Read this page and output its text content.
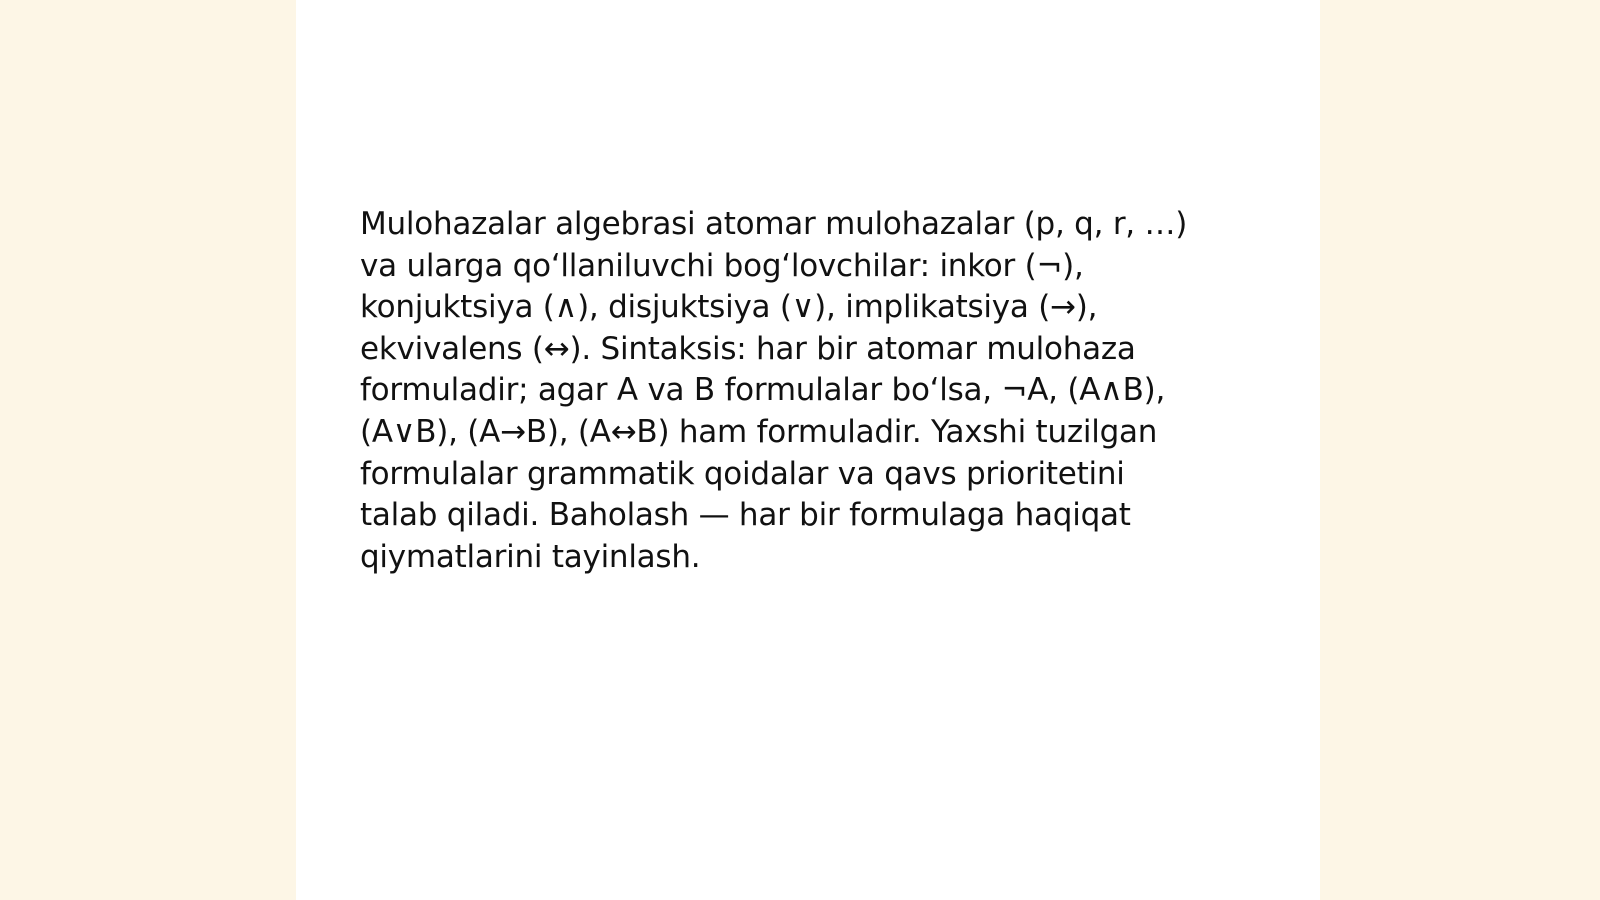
Mulohazalar algebrasi atomar mulohazalar (p, q, r, …)
va ularga qoʻllaniluvchi bogʻlovchilar: inkor (¬),
konjuktsiya (∧), disjuktsiya (∨), implikatsiya (→),
ekvivalens (↔). Sintaksis: har bir atomar mulohaza
formuladir; agar A va B formulalar boʻlsa, ¬A, (A∧B),
(A∨B), (A→B), (A↔B) ham formuladir. Yaxshi tuzilgan
formulalar grammatik qoidalar va qavs prioritetini
talab qiladi. Baholash — har bir formulaga haqiqat
qiymatlarini tayinlash.
